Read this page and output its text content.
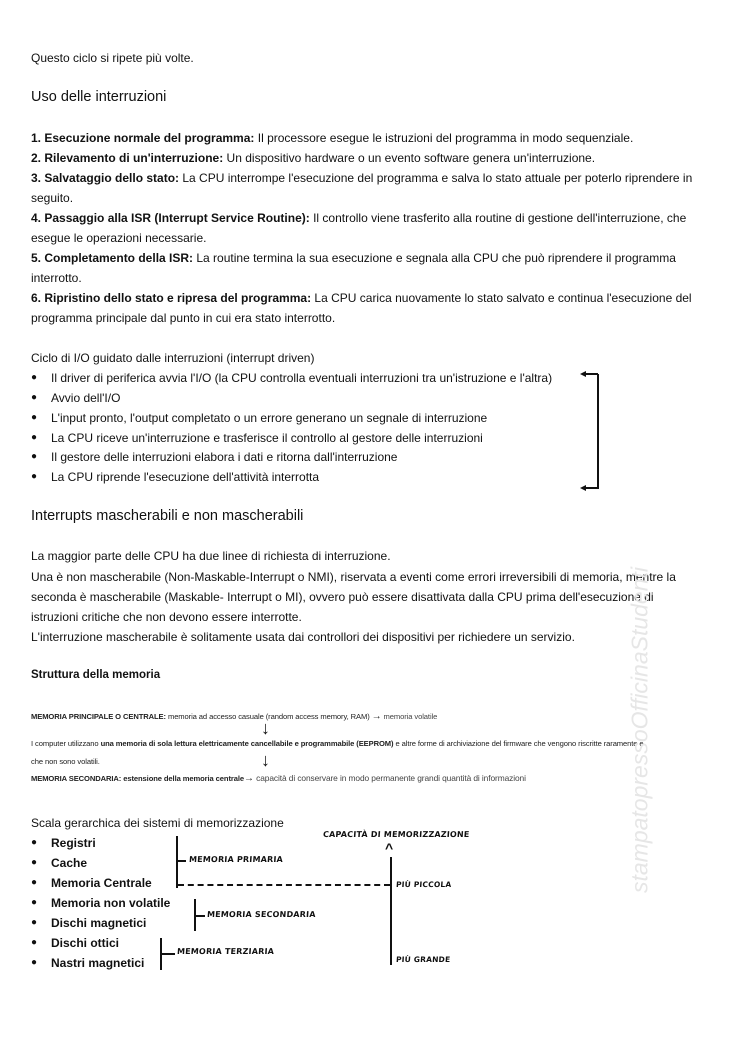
Questo ciclo si ripete più volte.
Uso delle interruzioni
1. Esecuzione normale del programma: Il processore esegue le istruzioni del programma in modo sequenziale.
2. Rilevamento di un'interruzione: Un dispositivo hardware o un evento software genera un'interruzione.
3. Salvataggio dello stato: La CPU interrompe l'esecuzione del programma e salva lo stato attuale per poterlo riprendere in
seguito.
4. Passaggio alla ISR (Interrupt Service Routine): Il controllo viene trasferito alla routine di gestione dell'interruzione, che
esegue le operazioni necessarie.
5. Completamento della ISR: La routine termina la sua esecuzione e segnala alla CPU che può riprendere il programma
interrotto.
6. Ripristino dello stato e ripresa del programma: La CPU carica nuovamente lo stato salvato e continua l'esecuzione del
programma principale dal punto in cui era stato interrotto.
Ciclo di I/O guidato dalle interruzioni (interrupt driven)
● Il driver di periferica avvia l'I/O (la CPU controlla eventuali interruzioni tra un'istruzione e l'altra)
● Avvio dell'I/O
● L'input pronto, l'output completato o un errore generano un segnale di interruzione
● La CPU riceve un'interruzione e trasferisce il controllo al gestore delle interruzioni
● Il gestore delle interruzioni elabora i dati e ritorna dall'interruzione
● La CPU riprende l'esecuzione dell'attività interrotta
Interrupts mascherabili e non mascherabili
La maggior parte delle CPU ha due linee di richiesta di interruzione.
Una è non mascherabile (Non-Maskable-Interrupt o NMI), riservata a eventi come errori irreversibili di memoria, mentre la
seconda è mascherabile (Maskable- Interrupt o MI), ovvero può essere disattivata dalla CPU prima dell'esecuzione di
istruzioni critiche che non devono essere interrotte.
L'interruzione mascherabile è solitamente usata dai controllori dei dispositivi per richiedere un servizio.
Struttura della memoria
MEMORIA PRINCIPALE O CENTRALE: memoria ad accesso casuale (random access memory, RAM) → memoria volatile
↓
I computer utilizzano una memoria di sola lettura elettricamente cancellabile e programmabile (EEPROM) e altre forme di archiviazione del firmware che vengono riscritte raramente e
che non sono volatili.	↓
MEMORIA SECONDARIA: estensione della memoria centrale→ capacità di conservare in modo permanente grandi quantità di informazioni
Scala gerarchica dei sistemi di memorizzazione
● Registri
● Cache
● Memoria Centrale
● Memoria non volatile
● Dischi magnetici
● Dischi ottici
● Nastri magnetici
MEMORIA PRIMARIA
MEMORIA SECONDARIA
MEMORIA TERZIARIA
CAPACITÀ DI MEMORIZZAZIONE
^
PIÙ PICCOLA
PIÙ GRANDE
stampatopressoOfficinaStudenti
